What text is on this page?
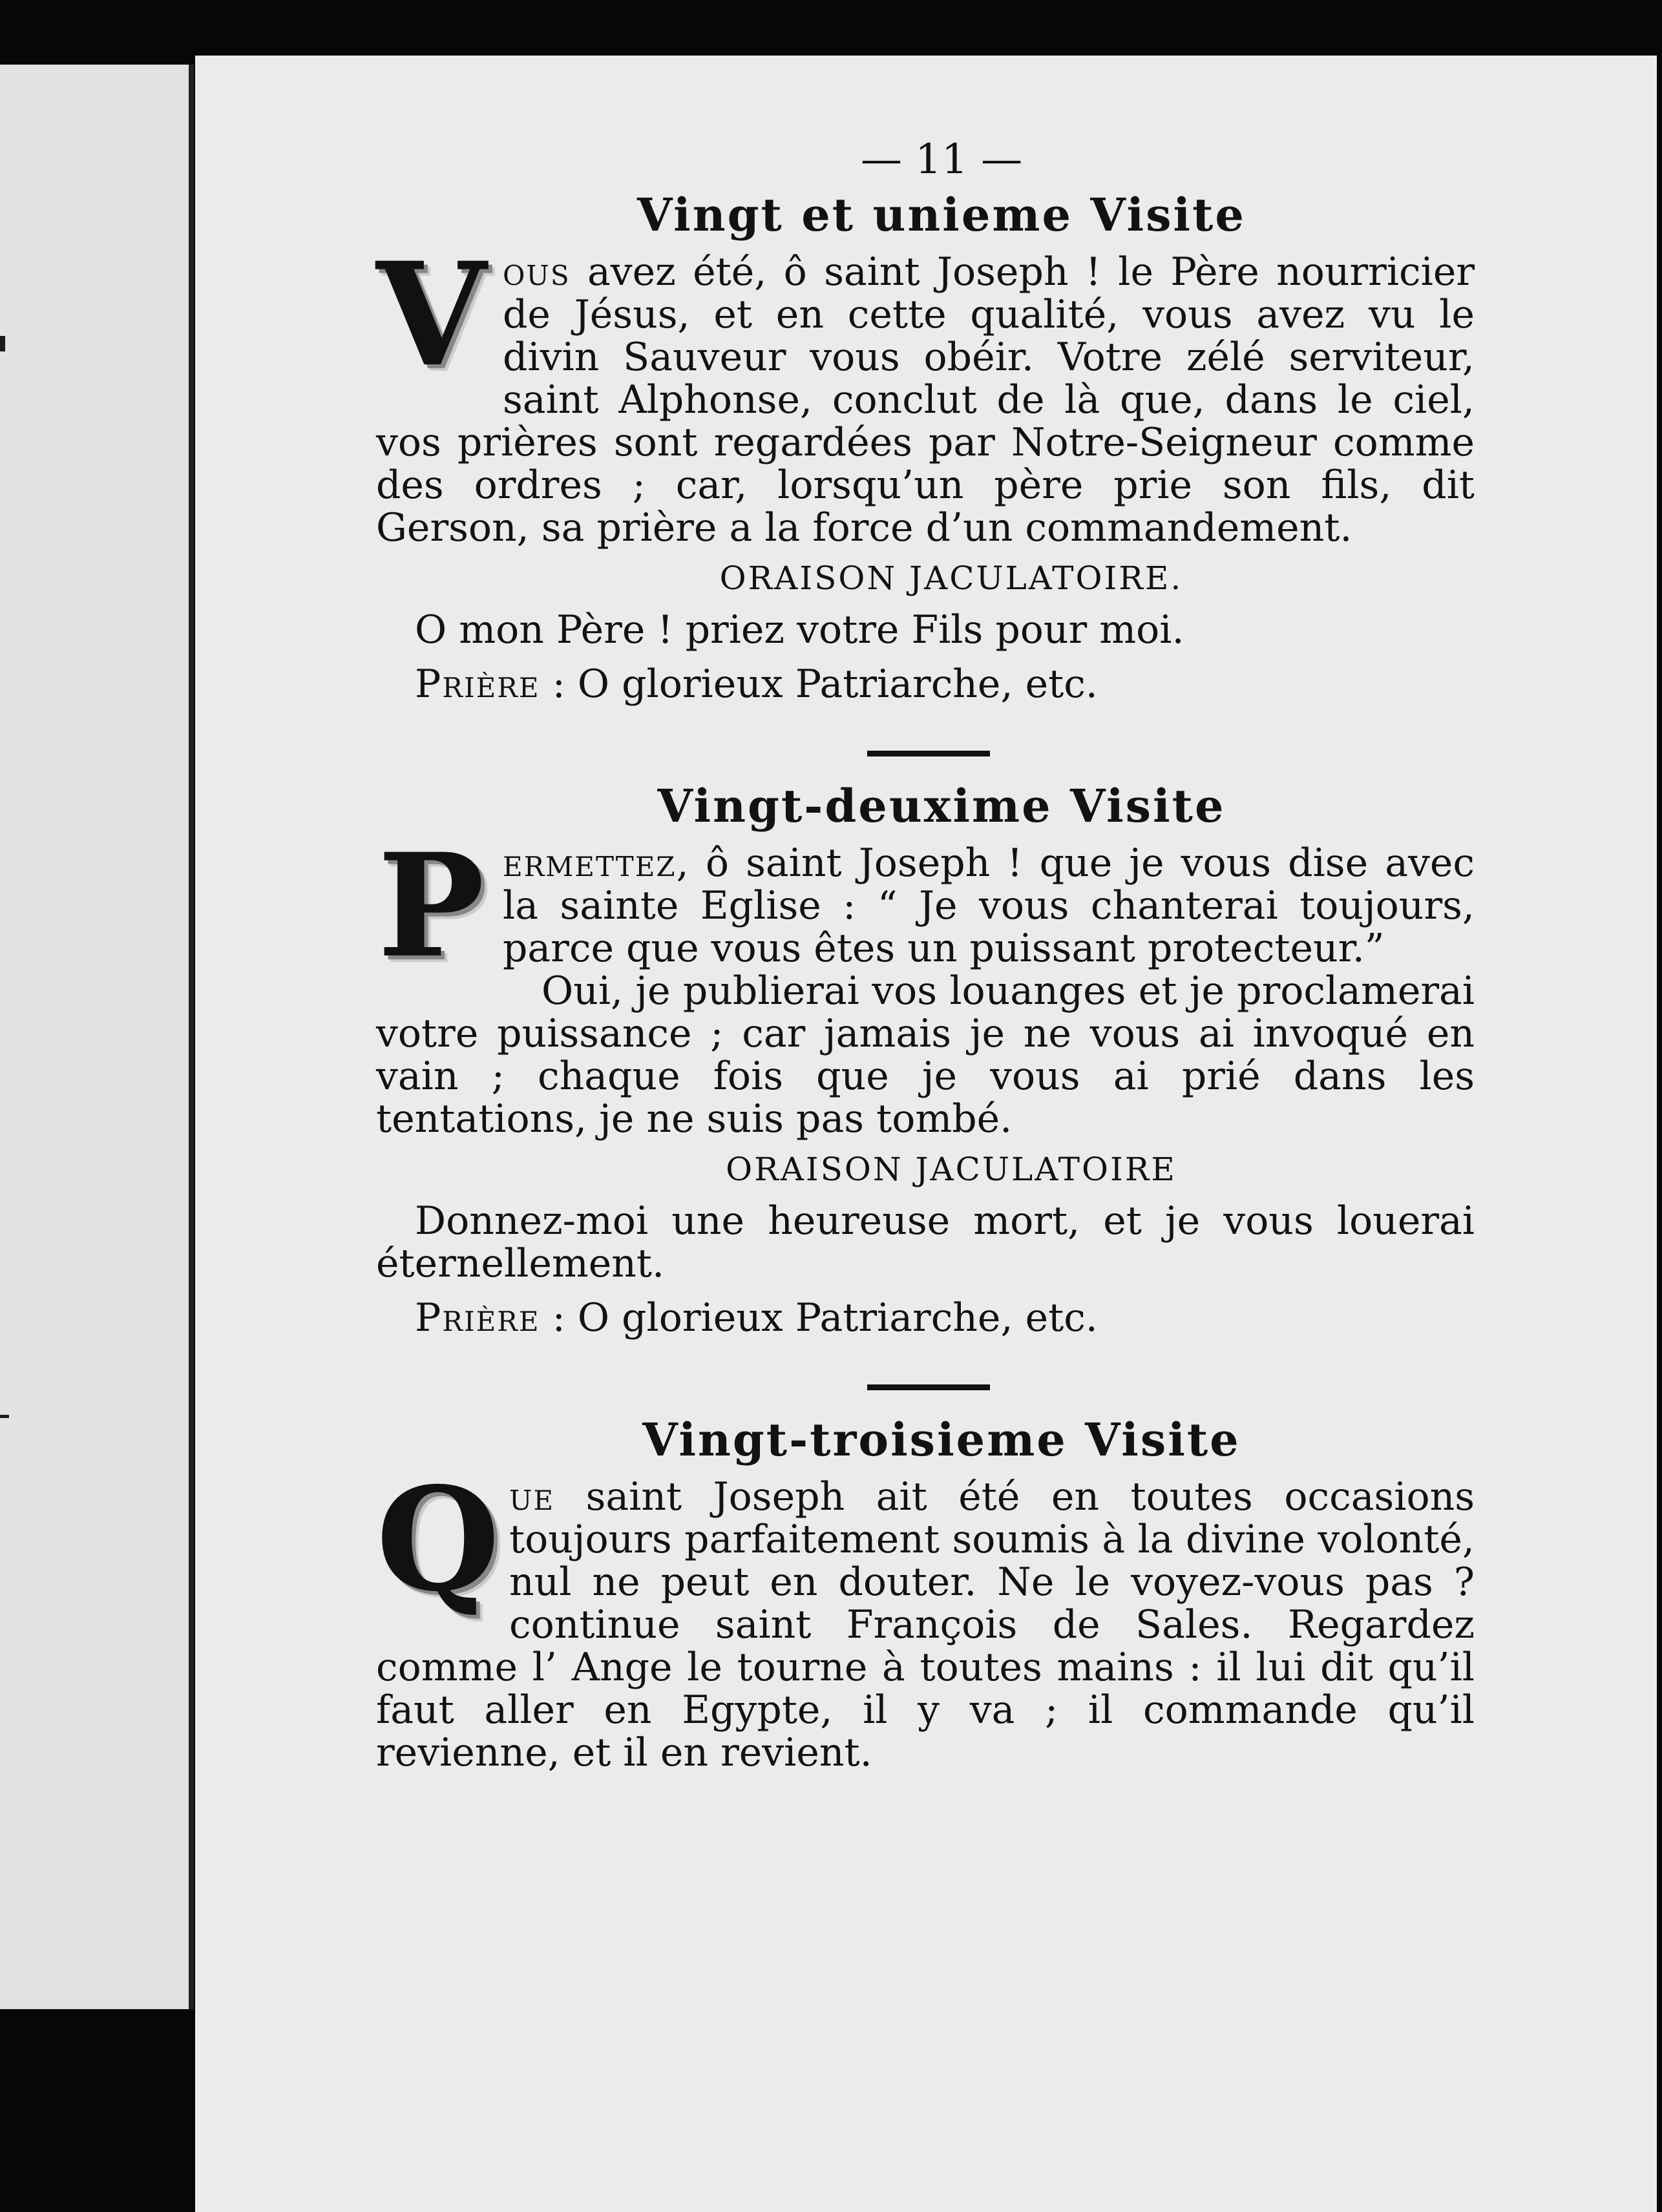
— 11 —
Vingt et unieme Visite

Vous avez été, ô saint Joseph ! le Père nourricier de Jésus, et en cette qualité, vous avez vu le divin Sauveur vous obéir. Votre zélé serviteur, saint Alphonse, conclut de là que, dans le ciel, vos prières sont regardées par Notre-Seigneur comme des ordres ; car, lorsqu’un père prie son fils, dit Gerson, sa prière a la force d’un commandement.

ORAISON JACULATOIRE.

O mon Père ! priez votre Fils pour moi.

Prière : O glorieux Patriarche, etc.

Vingt-deuxime Visite

Permettez, ô saint Joseph ! que je vous dise avec la sainte Eglise : “ Je vous chanterai toujours, parce que vous êtes un puissant protecteur.”

Oui, je publierai vos louanges et je proclamerai votre puissance ; car jamais je ne vous ai invoqué en vain ; chaque fois que je vous ai prié dans les tentations, je ne suis pas tombé.

ORAISON JACULATOIRE

Donnez-moi une heureuse mort, et je vous louerai éternellement.

Prière : O glorieux Patriarche, etc.

Vingt-troisieme Visite

Que saint Joseph ait été en toutes occasions toujours parfaitement soumis à la divine volonté, nul ne peut en douter. Ne le voyez-vous pas ? continue saint François de Sales. Regardez comme l’ Ange le tourne à toutes mains : il lui dit qu’il faut aller en Egypte, il y va ; il commande qu’il revienne, et il en revient.
